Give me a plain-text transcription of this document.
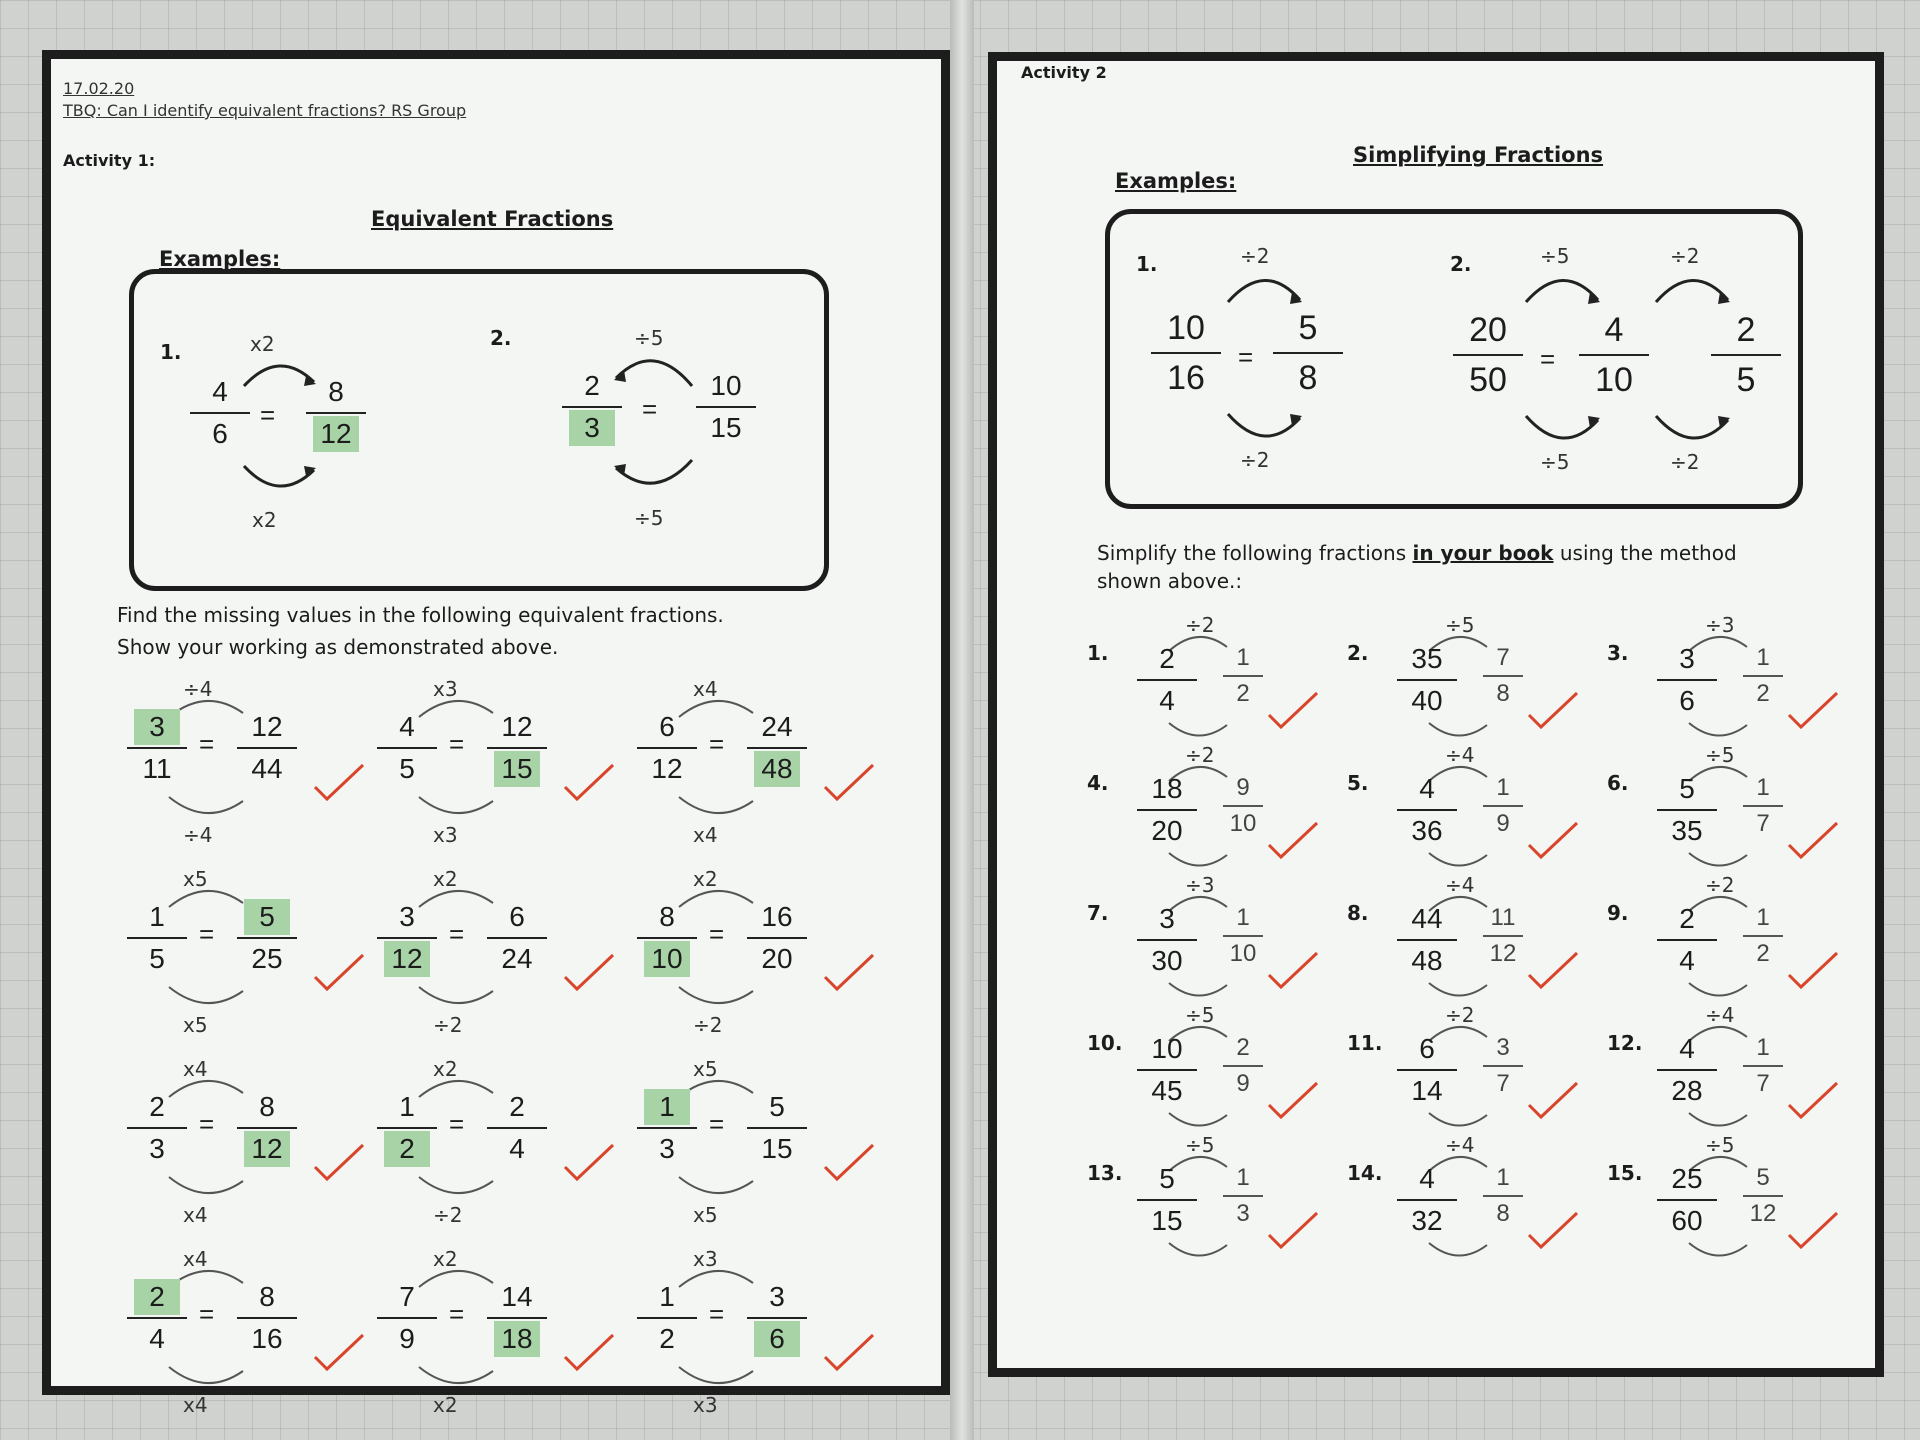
17.02.20
TBQ: Can I identify equivalent fractions? RS Group
Activity 1:
Equivalent Fractions
Examples:
1.	x2
4
6
=
8
12
x2
2.	÷5
2
3
=
10
15
÷5
Find the missing values in the following equivalent fractions.
Show your working as demonstrated above.
÷4
3
11
=
12
44
÷4
x3
4
5
=
12
15
x3
x4
6
12
=
24
48
x4
x5
1
5
=
5
25
x5
x2
3
12
=
6
24
÷2
x2
8
10
=
16
20
÷2
x4
2
3
=
8
12
x4
x2
1
2
=
2
4
÷2
x5
1
3
=
5
15
x5
x4
2
4
=
8
16
x4
x2
7
9
=
14
18
x2
x3
1
2
=
3
6
x3
Activity 2
Simplifying Fractions
Examples:
1.	÷2
10
16
=
5
8
÷2
2.	÷5	÷2
20
50
=
4
10
2
5
÷5	÷2
Simplify the following fractions in your book using the method
shown above.:
1.
÷2
2
4
1
2
2.
÷5
35
40
7
8
3.
÷3
3
6
1
2
4.
÷2
18
20
9
10
5.
÷4
4
36
1
9
6.
÷5
5
35
1
7
7.
÷3
3
30
1
10
8.
÷4
44
48
11
12
9.
÷2
2
4
1
2
10.
÷5
10
45
2
9
11.
÷2
6
14
3
7
12.
÷4
4
28
1
7
13.
÷5
5
15
1
3
14.
÷4
4
32
1
8
15.
÷5
25
60
5
12
